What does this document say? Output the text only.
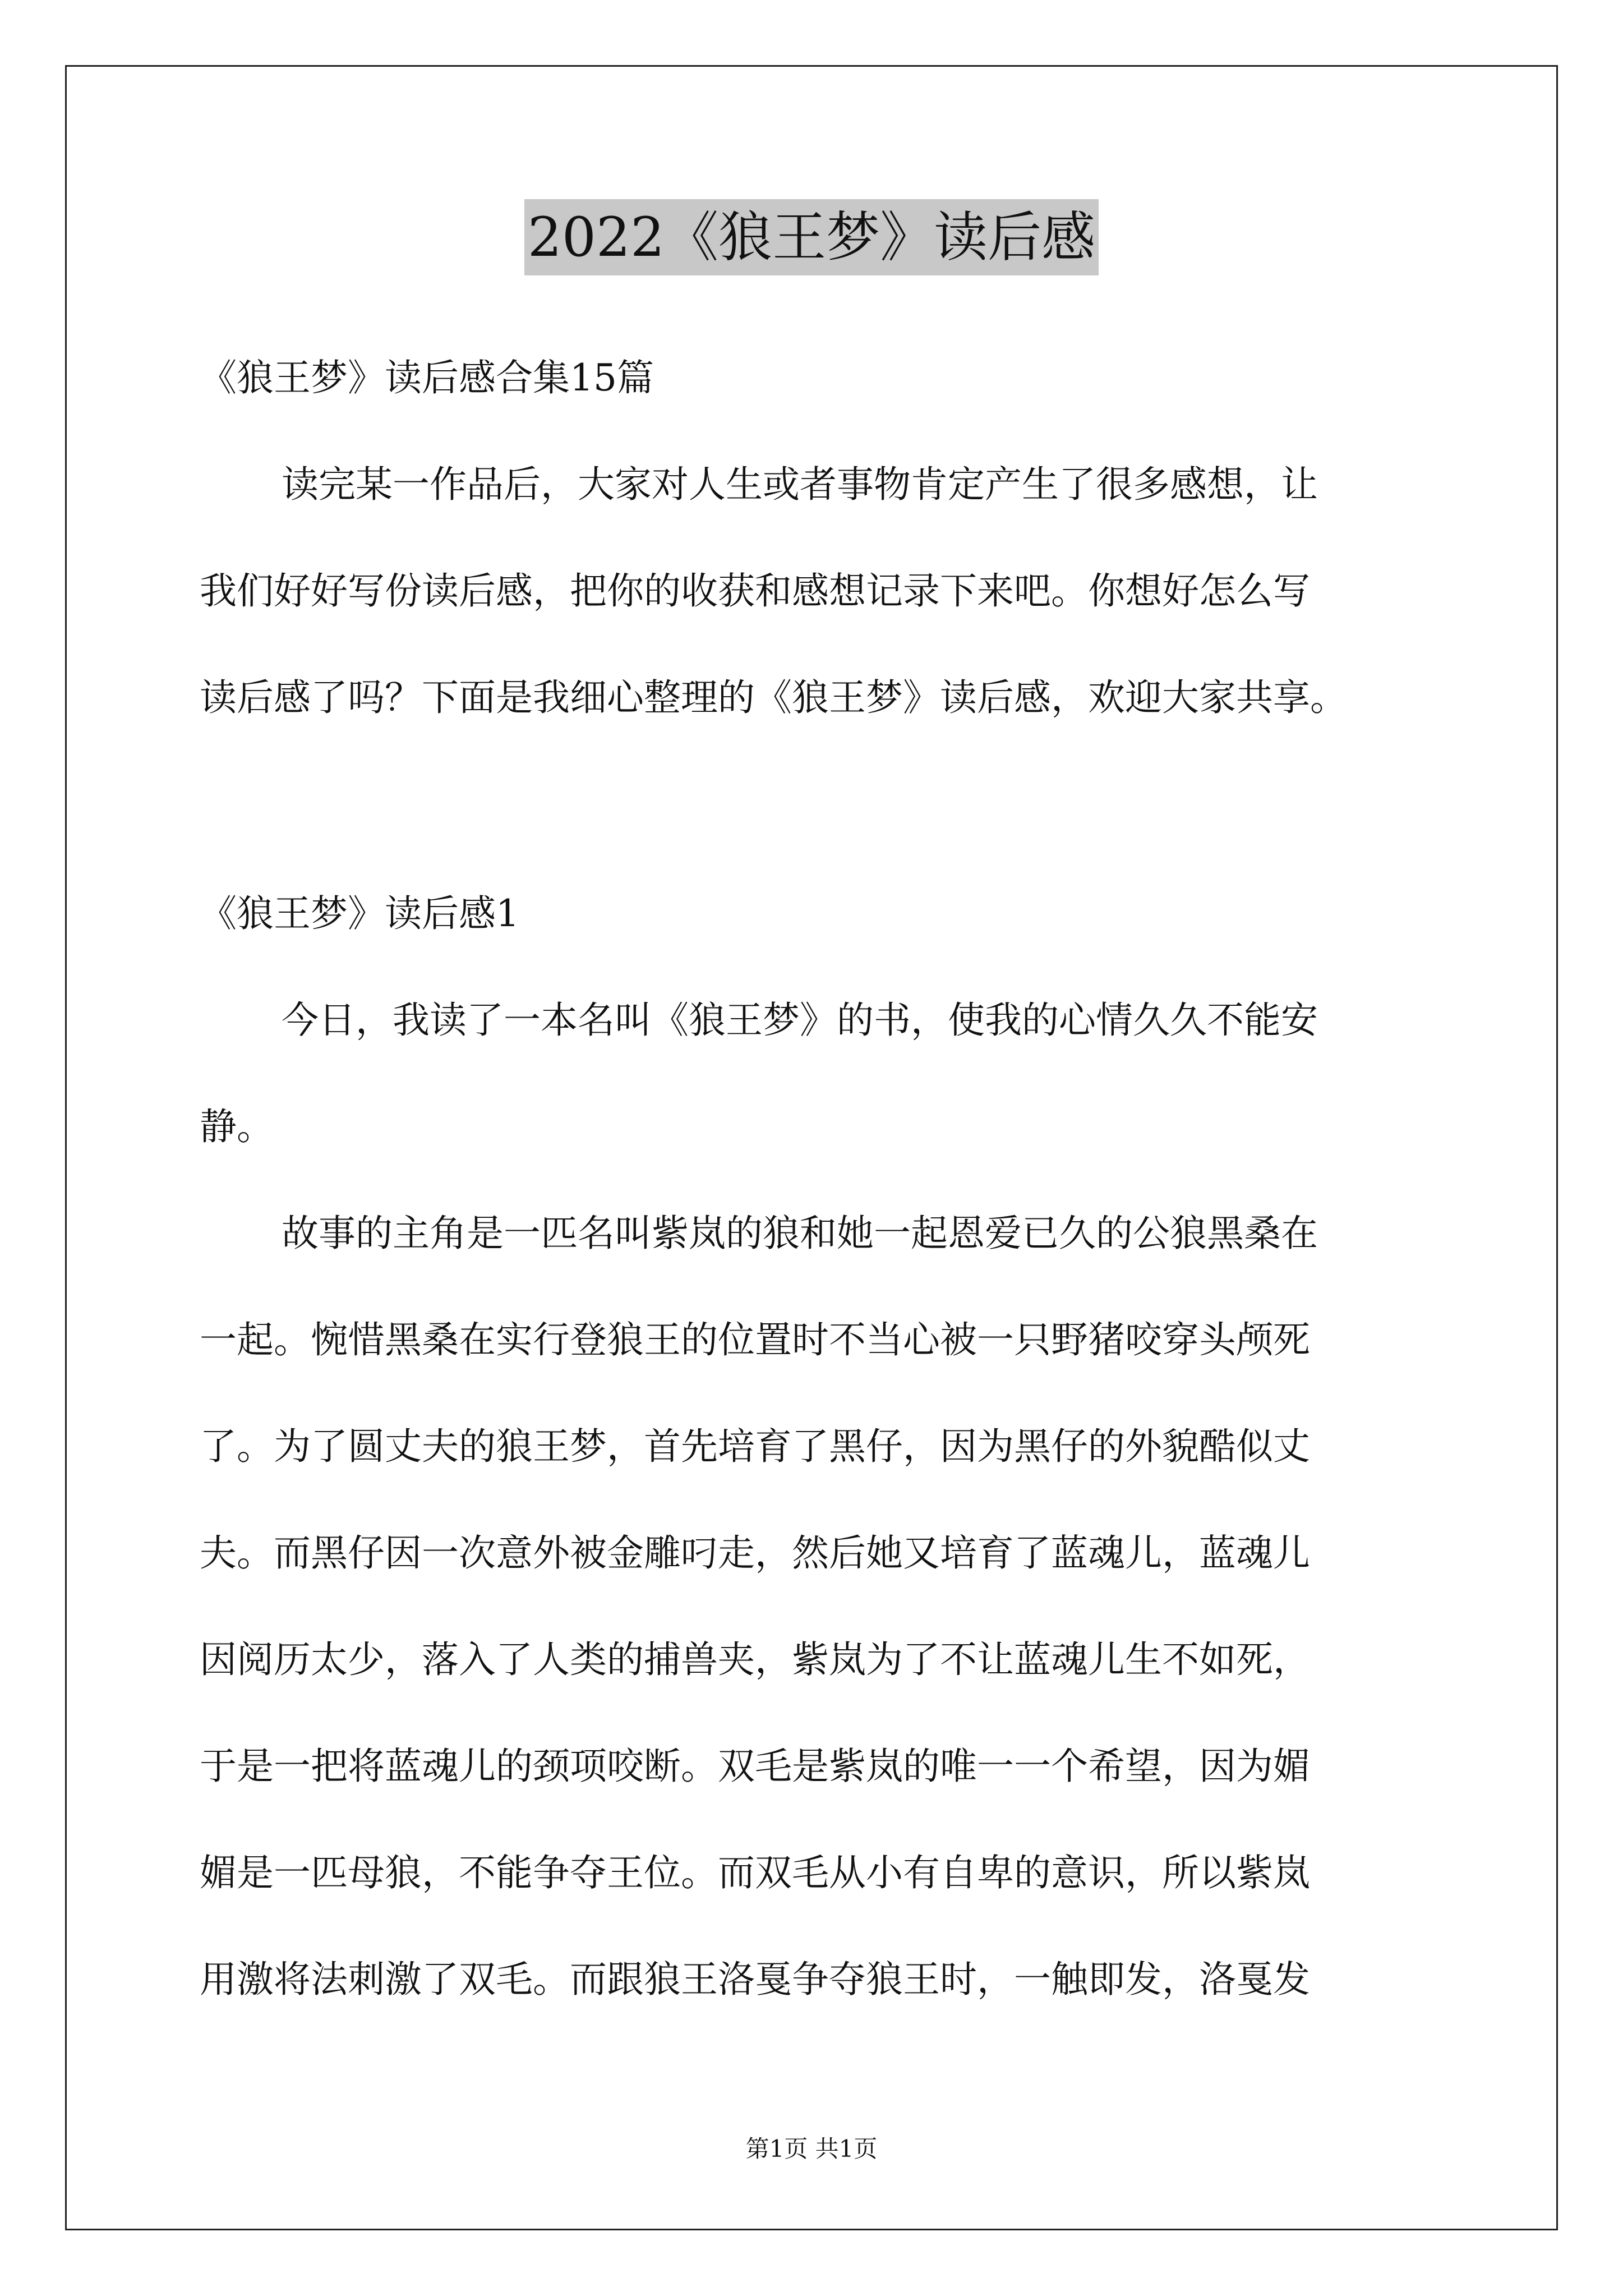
2022《狼王梦》读后感
《狼王梦》读后感合集15篇
读完某一作品后，大家对人生或者事物肯定产生了很多感想，让
我们好好写份读后感，把你的收获和感想记录下来吧。你想好怎么写
读后感了吗？下面是我细心整理的《狼王梦》读后感，欢迎大家共享。
《狼王梦》读后感1
今日，我读了一本名叫《狼王梦》的书，使我的心情久久不能安
静。
故事的主角是一匹名叫紫岚的狼和她一起恩爱已久的公狼黑桑在
一起。惋惜黑桑在实行登狼王的位置时不当心被一只野猪咬穿头颅死
了。为了圆丈夫的狼王梦，首先培育了黑仔，因为黑仔的外貌酷似丈
夫。而黑仔因一次意外被金雕叼走，然后她又培育了蓝魂儿，蓝魂儿
因阅历太少，落入了人类的捕兽夹，紫岚为了不让蓝魂儿生不如死，
于是一把将蓝魂儿的颈项咬断。双毛是紫岚的唯一一个希望，因为媚
媚是一匹母狼，不能争夺王位。而双毛从小有自卑的意识，所以紫岚
用激将法刺激了双毛。而跟狼王洛戛争夺狼王时，一触即发，洛戛发
第1页 共1页
